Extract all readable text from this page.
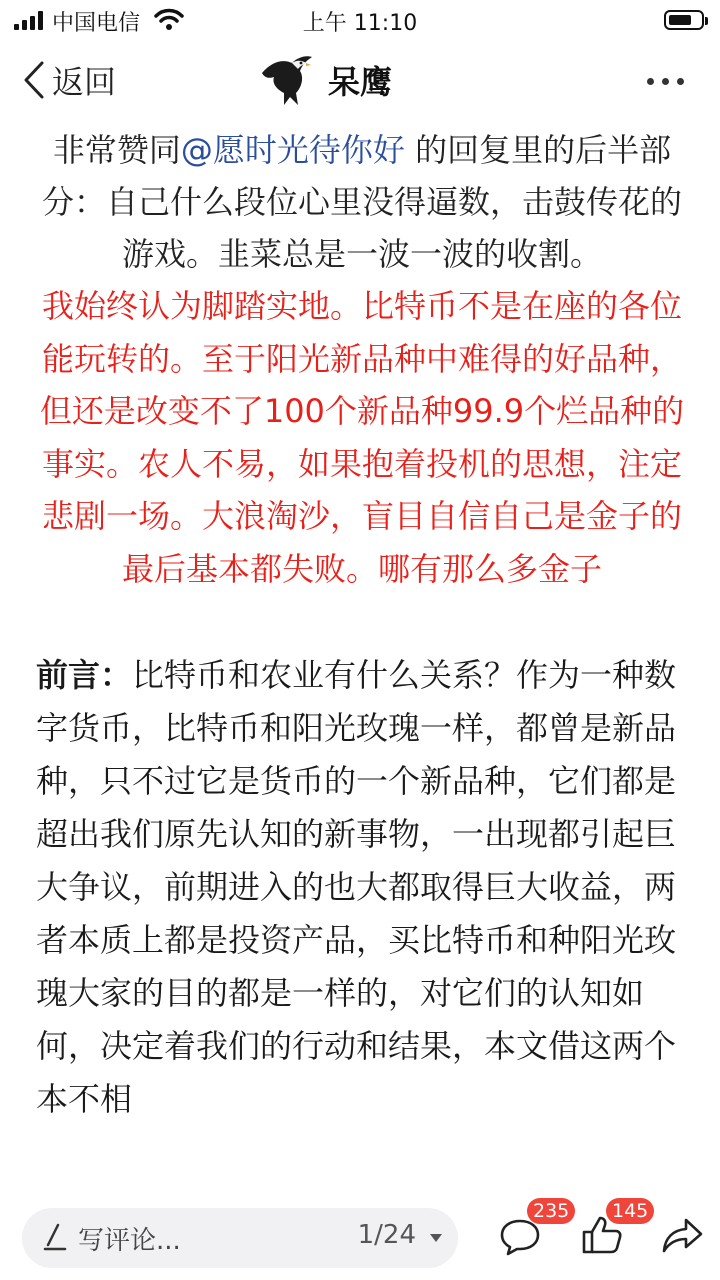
中国电信	上午 11:10
返回	呆鹰
非常赞同@愿时光待你好 的回复里的后半部分：自己什么段位心里没得逼数，击鼓传花的游戏。韭菜总是一波一波的收割。
我始终认为脚踏实地。比特币不是在座的各位能玩转的。至于阳光新品种中难得的好品种，但还是改变不了100个新品种99.9个烂品种的事实。农人不易，如果抱着投机的思想，注定悲剧一场。大浪淘沙，盲目自信自己是金子的最后基本都失败。哪有那么多金子
前言：比特币和农业有什么关系？作为一种数字货币，比特币和阳光玫瑰一样，都曾是新品种，只不过它是货币的一个新品种，它们都是超出我们原先认知的新事物，一出现都引起巨大争议，前期进入的也大都取得巨大收益，两者本质上都是投资产品，买比特币和种阳光玫瑰大家的目的都是一样的，对它们的认知如何，决定着我们的行动和结果，本文借这两个本不相
写评论...	1/24
235	145
